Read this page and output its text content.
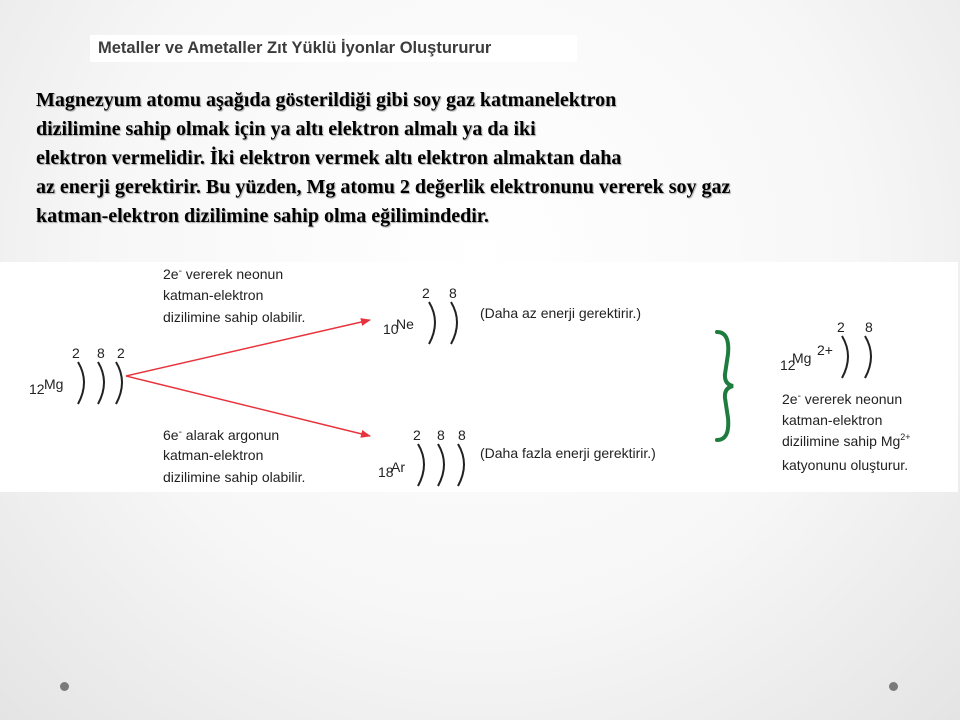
Metaller ve Ametaller Zıt Yüklü İyonlar Oluştururur
Magnezyum atomu aşağıda gösterildiği gibi soy gaz katmanelektron
dizilimine sahip olmak için ya altı elektron almalı ya da iki
elektron vermelidir. İki elektron vermek altı elektron almaktan daha
az enerji gerektirir. Bu yüzden, Mg atomu 2 değerlik elektronunu vererek soy gaz
katman-elektron dizilimine sahip olma eğilimindedir.
12 Mg
2 8 2
2e- vererek neonun
katman-elektron
dizilimine sahip olabilir.
10
Ne
2 8
(Daha az enerji gerektirir.)
6e- alarak argonun
katman-elektron
dizilimine sahip olabilir.	18
Ar
2 8 8
(Daha fazla enerji gerektirir.)
12
Mg 2+
2 8
2e- vererek neonun
katman-elektron
dizilimine sahip $Mg^{2+}$
katyonunu oluşturur.
